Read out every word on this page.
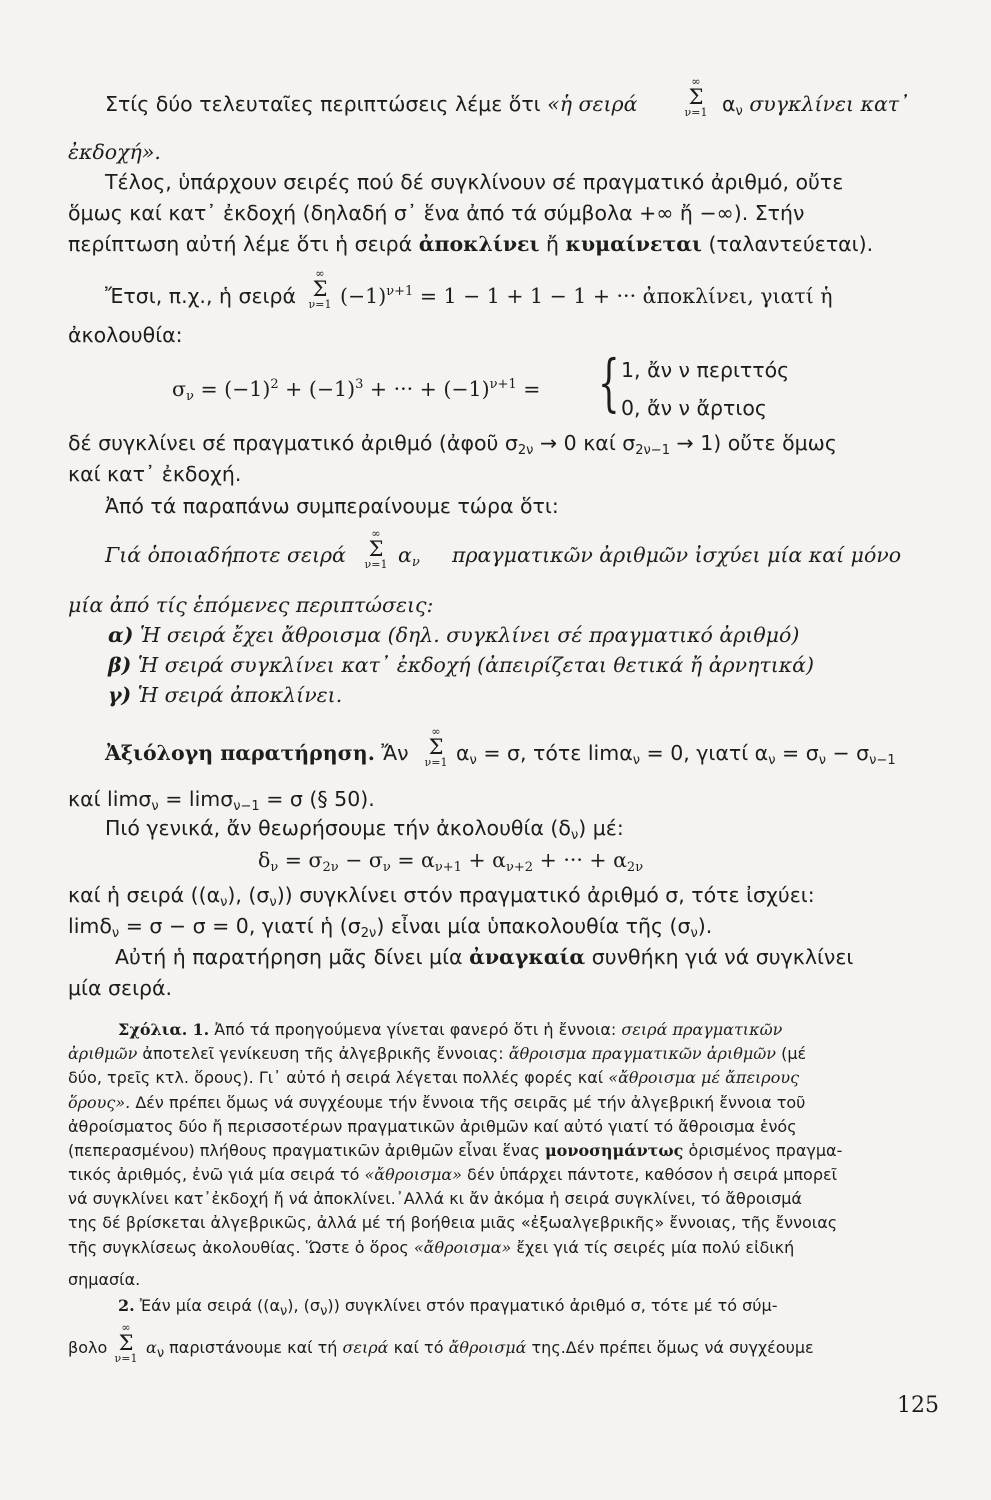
Στίς δύο τελευταῖες περιπτώσεις λέμε ὅτι «ἡ σειρά
∞
Σ
ν=1 $\alpha_\nu$ συγκλίνει κατ᾽
ἐκδοχή».
Τέλος, ὑπάρχουν σειρές πού δέ συγκλίνουν σέ πραγματικό ἀριθμό, οὔτε
ὅμως καί κατ᾽ ἐκδοχή (δηλαδή σ᾽ ἕνα ἀπό τά σύμβολα +∞ ἤ −∞). Στήν
περίπτωση αὐτή λέμε ὅτι ἡ σειρά ἀποκλίνει ἤ κυμαίνεται (ταλαντεύεται).
Ἔτσι, π.χ., ἡ σειρά
∞
Σ
ν=1 $(-1)^{\nu+1} = 1 - 1 + 1 - 1$ + ··· ἀποκλίνει, γιατί ἡ
ἀκολουθία:
$\sigma_\nu = (-1)^2 + (-1)^3$ + ··· + $(-1)^{\nu+1}$ = { 1, ἄν ν περιττός
0, ἄν ν ἄρτιος
δέ συγκλίνει σέ πραγματικό ἀριθμό (ἀφοῦ $\sigma_{2\nu} \to 0$ καί $\sigma_{2\nu-1} \to 1$) οὔτε ὅμως
καί κατ᾽ ἐκδοχή.
Ἀπό τά παραπάνω συμπεραίνουμε τώρα ὅτι:
Γιά ὁποιαδήποτε σειρά
∞
Σ
ν=1 $\alpha_\nu$ πραγματικῶν ἀριθμῶν ἰσχύει μία καί μόνο
μία ἀπό τίς ἑπόμενες περιπτώσεις:
α) Ἡ σειρά ἔχει ἄθροισμα (δηλ. συγκλίνει σέ πραγματικό ἀριθμό)
β) Ἡ σειρά συγκλίνει κατ᾽ ἐκδοχή (ἀπειρίζεται θετικά ἤ ἀρνητικά)
γ) Ἡ σειρά ἀποκλίνει.
Ἀξιόλογη παρατήρηση. Ἄν
∞
Σ
ν=1 $\alpha_\nu = \sigma$, τότε limα$_\nu$ = 0, γιατί $\alpha_\nu = \sigma_\nu - \sigma_{\nu-1}$
καί limσ$_\nu$ = limσ$_{\nu-1}$ = σ (§ 50).
Πιό γενικά, ἄν θεωρήσουμε τήν ἀκολουθία $(\delta_\nu)$ μέ:
$\delta_\nu = \sigma_{2\nu} - \sigma_\nu = \alpha_{\nu+1} + \alpha_{\nu+2}$ + ··· + $\alpha_{2\nu}$
καί ἡ σειρά ($(\alpha_\nu)$, $(\sigma_\nu)$) συγκλίνει στόν πραγματικό ἀριθμό σ, τότε ἰσχύει:
limδ$_\nu$ = σ − σ = 0, γιατί ἡ $(\sigma_{2\nu})$ εἶναι μία ὑπακολουθία τῆς $(\sigma_\nu)$.
Αὐτή ἡ παρατήρηση μᾶς δίνει μία ἀναγκαία συνθήκη γιά νά συγκλίνει
μία σειρά.
Σχόλια. 1. Ἀπό τά προηγούμενα γίνεται φανερό ὅτι ἡ ἔννοια: σειρά πραγματικῶν
ἀριθμῶν ἀποτελεῖ γενίκευση τῆς ἀλγεβρικῆς ἔννοιας: ἄθροισμα πραγματικῶν ἀριθμῶν (μέ
δύο, τρεῖς κτλ. ὅρους). Γι᾽ αὐτό ἡ σειρά λέγεται πολλές φορές καί «ἄθροισμα μέ ἄπειρους
ὅρους». Δέν πρέπει ὅμως νά συγχέουμε τήν ἔννοια τῆς σειρᾶς μέ τήν ἀλγεβρική ἔννοια τοῦ
ἀθροίσματος δύο ἤ περισσοτέρων πραγματικῶν ἀριθμῶν καί αὐτό γιατί τό ἄθροισμα ἑνός
(πεπερασμένου) πλήθους πραγματικῶν ἀριθμῶν εἶναι ἕνας μονοσημάντως ὁρισμένος πραγμα-
τικός ἀριθμός, ἐνῶ γιά μία σειρά τό «ἄθροισμα» δέν ὑπάρχει πάντοτε, καθόσον ἡ σειρά μπορεῖ
νά συγκλίνει κατ᾽ἐκδοχή ἤ νά ἀποκλίνει.᾽Αλλά κι ἄν ἀκόμα ἡ σειρά συγκλίνει, τό ἄθροισμά
της δέ βρίσκεται ἀλγεβρικῶς, ἀλλά μέ τή βοήθεια μιᾶς «ἐξωαλγεβρικῆς» ἔννοιας, τῆς ἔννοιας
τῆς συγκλίσεως ἀκολουθίας. Ὥστε ὁ ὅρος «ἄθροισμα» ἔχει γιά τίς σειρές μία πολύ εἰδική
σημασία.
2. Ἐάν μία σειρά ($(\alpha_\nu)$, $(\sigma_\nu)$) συγκλίνει στόν πραγματικό ἀριθμό σ, τότε μέ τό σύμ-
βολο
∞
Σ
ν=1
$\alpha_\nu$ παριστάνουμε καί τή σειρά καί τό ἄθροισμά της.Δέν πρέπει ὅμως νά συγχέουμε
125
